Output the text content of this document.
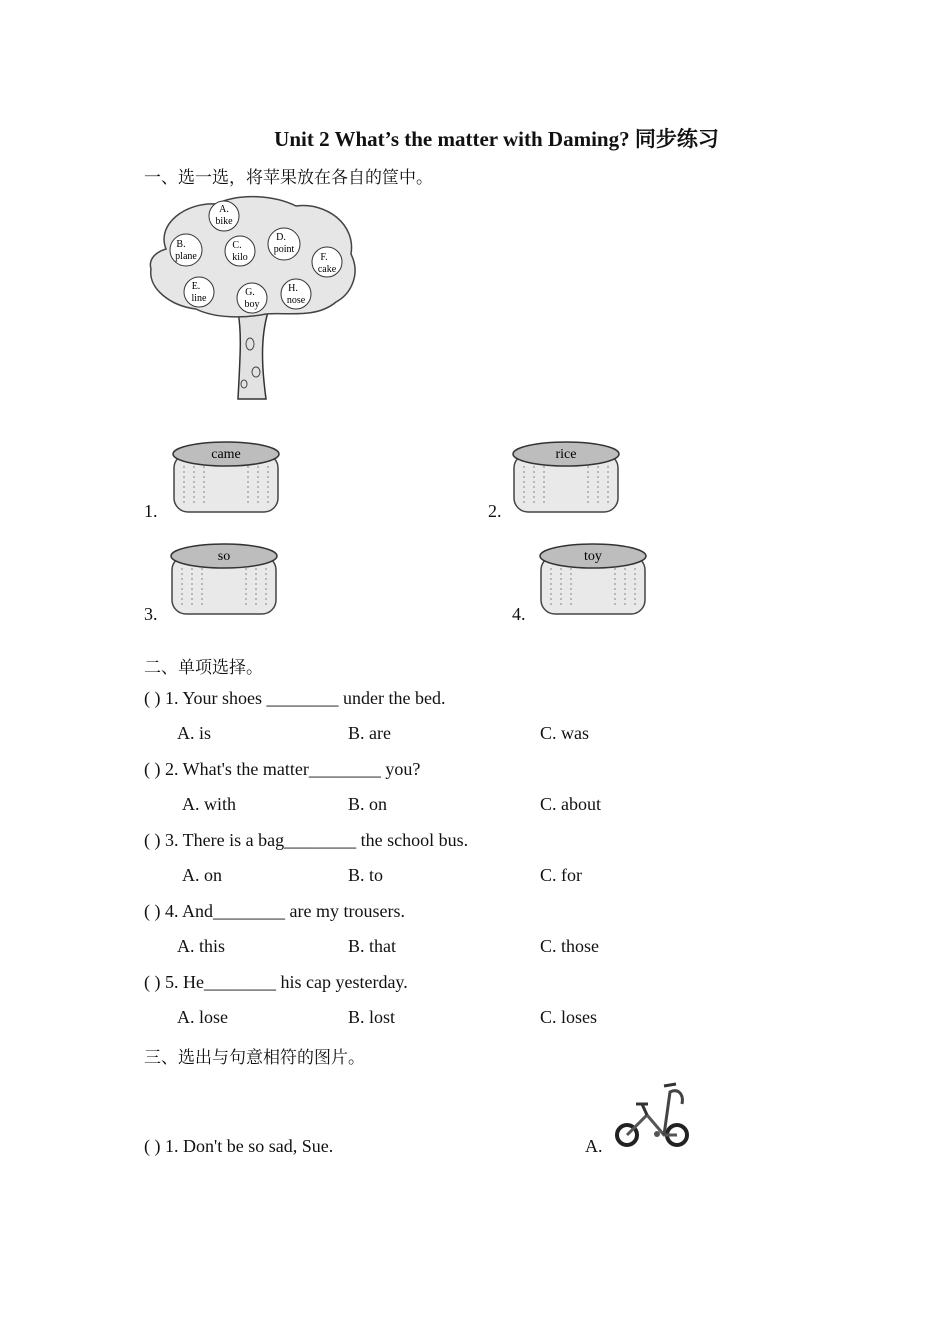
Unit 2 What’s the matter with Daming? 同步练习
一、选一选，将苹果放在各自的筐中。
A.
bike
B.
plane
C.
kilo
D.
point
F.
cake
E.
line
G.
boy
H.
nose
1.
came
2.
rice
3.
so
4.
toy
二、单项选择。
( ) 1. Your shoes ________ under the bed.
A. is	B. are	C. was
( ) 2. What's the matter________ you?
A. with	B. on	C. about
( ) 3. There is a bag________ the school bus.
A. on	B. to	C. for
( ) 4. And________ are my trousers.
A. this	B. that	C. those
( ) 5. He________ his cap yesterday.
A. lose	B. lost	C. loses
三、选出与句意相符的图片。
( ) 1. Don't be so sad, Sue.	A.
